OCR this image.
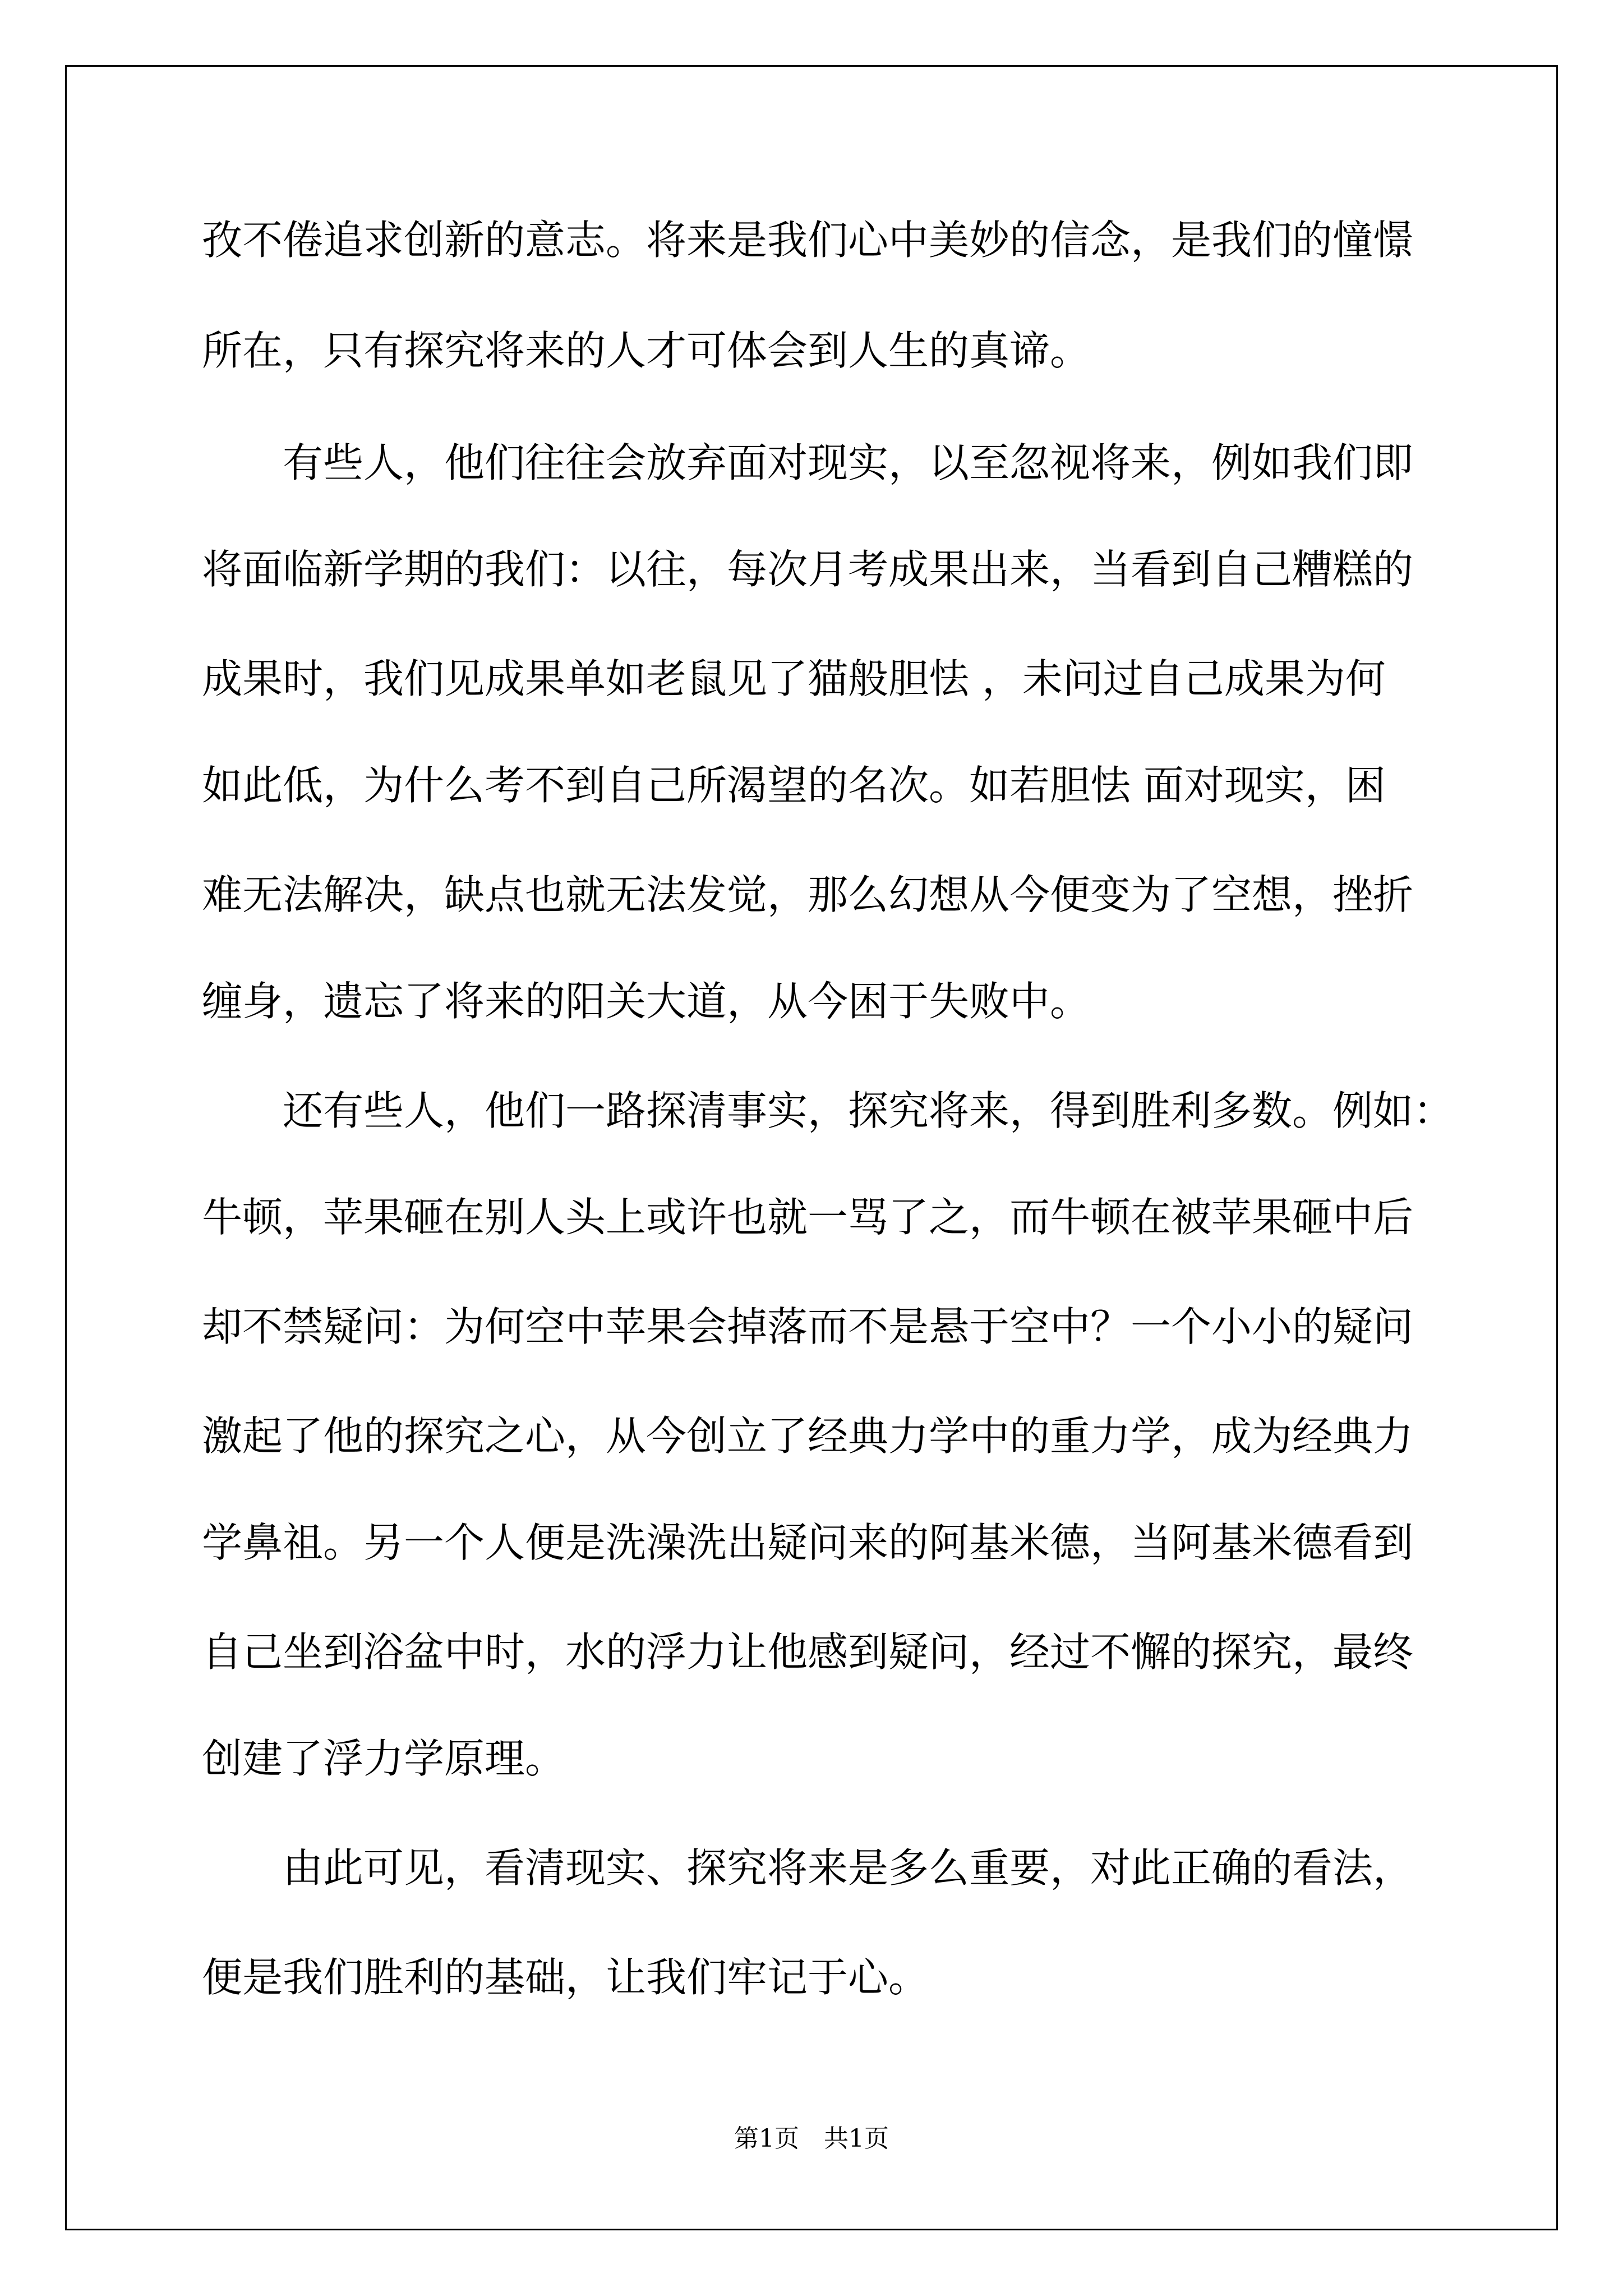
孜不倦追求创新的意志。将来是我们心中美妙的信念，是我们的憧憬

所在，只有探究将来的人才可体会到人生的真谛。

　　有些人，他们往往会放弃面对现实，以至忽视将来，例如我们即

将面临新学期的我们：以往，每次月考成果出来，当看到自己糟糕的

成果时，我们见成果单如老鼠见了猫般胆怯 ，未问过自己成果为何

如此低，为什么考不到自己所渴望的名次。如若胆怯 面对现实，困

难无法解决，缺点也就无法发觉，那么幻想从今便变为了空想，挫折

缠身，遗忘了将来的阳关大道，从今困于失败中。

　　还有些人，他们一路探清事实，探究将来，得到胜利多数。例如：

牛顿，苹果砸在别人头上或许也就一骂了之，而牛顿在被苹果砸中后

却不禁疑问：为何空中苹果会掉落而不是悬于空中？一个小小的疑问

激起了他的探究之心，从今创立了经典力学中的重力学，成为经典力

学鼻祖。另一个人便是洗澡洗出疑问来的阿基米德，当阿基米德看到

自己坐到浴盆中时，水的浮力让他感到疑问，经过不懈的探究，最终

创建了浮力学原理。

　　由此可见，看清现实、探究将来是多么重要，对此正确的看法，

便是我们胜利的基础，让我们牢记于心。

第1页　共1页
